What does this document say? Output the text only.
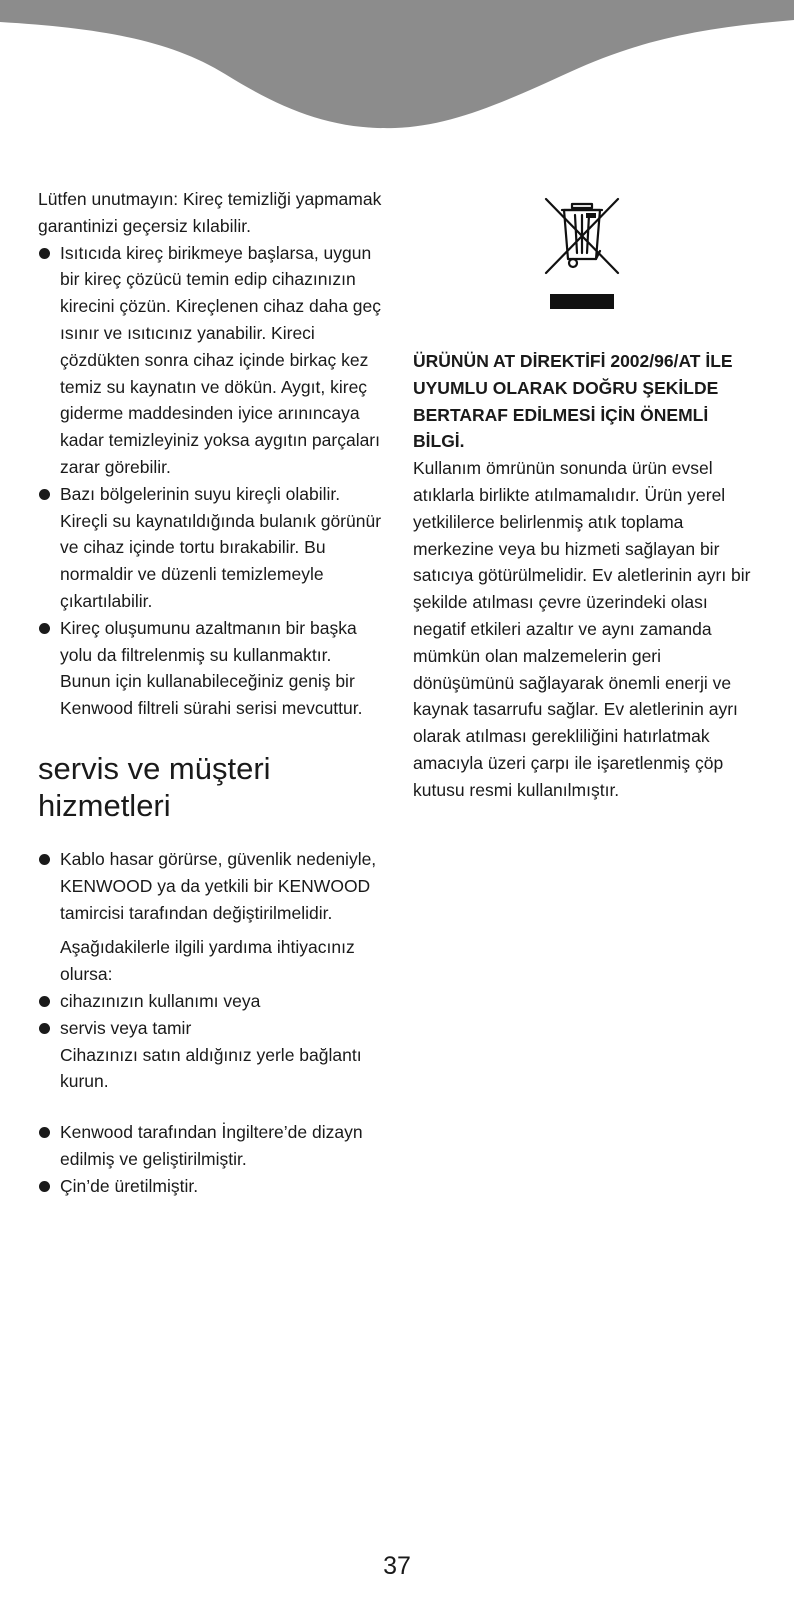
Lütfen unutmayın: Kireç temizliği yapmamak garantinizi geçersiz kılabilir.

Isıtıcıda kireç birikmeye başlarsa, uygun bir kireç çözücü temin edip cihazınızın kirecini çözün. Kireçlenen cihaz daha geç ısınır ve ısıtıcınız yanabilir. Kireci çözdükten sonra cihaz içinde birkaç kez temiz su kaynatın ve dökün. Aygıt, kireç giderme maddesinden iyice arınıncaya kadar temizleyiniz yoksa aygıtın parçaları zarar görebilir.
Bazı bölgelerinin suyu kireçli olabilir. Kireçli su kaynatıldığında bulanık görünür ve cihaz içinde tortu bırakabilir. Bu normaldir ve düzenli temizlemeyle çıkartılabilir.
Kireç oluşumunu azaltmanın bir başka yolu da filtrelenmiş su kullanmaktır. Bunun için kullanabileceğiniz geniş bir Kenwood filtreli sürahi serisi mevcuttur.
servis ve müşteri hizmetleri
Kablo hasar görürse, güvenlik nedeniyle, KENWOOD ya da yetkili bir KENWOOD tamircisi tarafından değiştirilmelidir.

Aşağıdakilerle ilgili yardıma ihtiyacınız olursa:

cihazınızın kullanımı veya
servis veya tamir

Cihazınızı satın aldığınız yerle bağlantı kurun.

Kenwood tarafından İngiltere’de dizayn edilmiş ve geliştirilmiştir.
Çin’de üretilmiştir.

ÜRÜNÜN AT DİREKTİFİ 2002/96/AT İLE UYUMLU OLARAK DOĞRU ŞEKİLDE BERTARAF EDİLMESİ İÇİN ÖNEMLİ BİLGİ.

Kullanım ömrünün sonunda ürün evsel atıklarla birlikte atılmamalıdır. Ürün yerel yetkililerce belirlenmiş atık toplama merkezine veya bu hizmeti sağlayan bir satıcıya götürülmelidir. Ev aletlerinin ayrı bir şekilde atılması çevre üzerindeki olası negatif etkileri azaltır ve aynı zamanda mümkün olan malzemelerin geri dönüşümünü sağlayarak önemli enerji ve kaynak tasarrufu sağlar. Ev aletlerinin ayrı olarak atılması gerekliliğini hatırlatmak amacıyla üzeri çarpı ile işaretlenmiş çöp kutusu resmi kullanılmıştır.

37
